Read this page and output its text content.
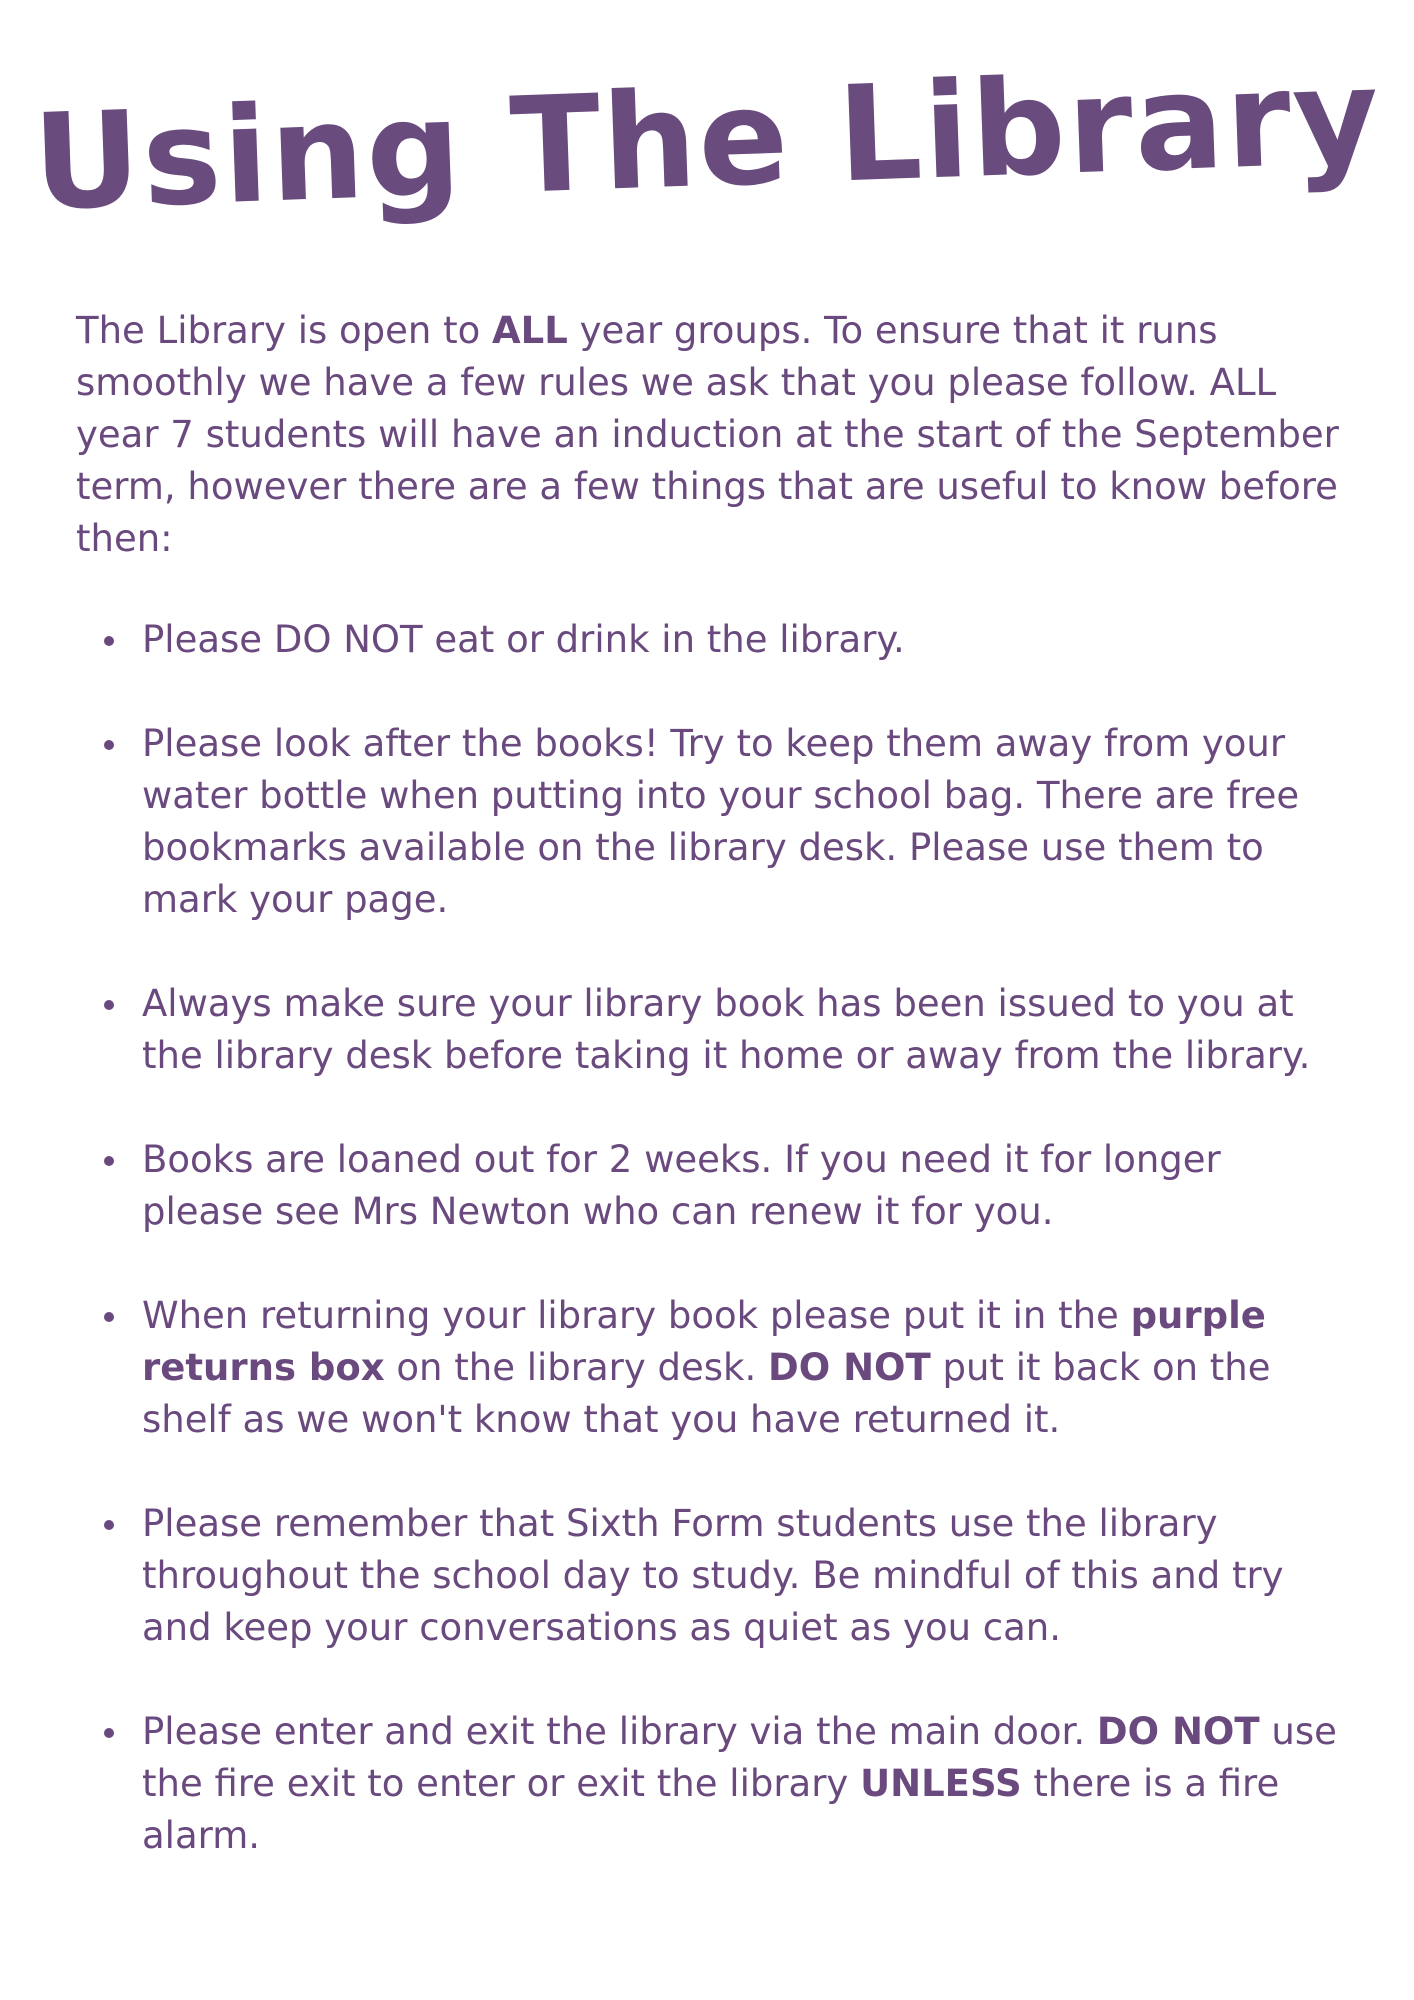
Using The Library

The Library is open to ALL year groups. To ensure that it runs smoothly we have a few rules we ask that you please follow. ALL year 7 students will have an induction at the start of the September term, however there are a few things that are useful to know before then:

Please DO NOT eat or drink in the library.
Please look after the books! Try to keep them away from your water bottle when putting into your school bag. There are free bookmarks available on the library desk. Please use them to mark your page.
Always make sure your library book has been issued to you at the library desk before taking it home or away from the library.
Books are loaned out for 2 weeks. If you need it for longer please see Mrs Newton who can renew it for you.
When returning your library book please put it in the purple returns box on the library desk. DO NOT put it back on the shelf as we won't know that you have returned it.
Please remember that Sixth Form students use the library throughout the school day to study. Be mindful of this and try and keep your conversations as quiet as you can.
Please enter and exit the library via the main door. DO NOT use the fire exit to enter or exit the library UNLESS there is a fire alarm.
